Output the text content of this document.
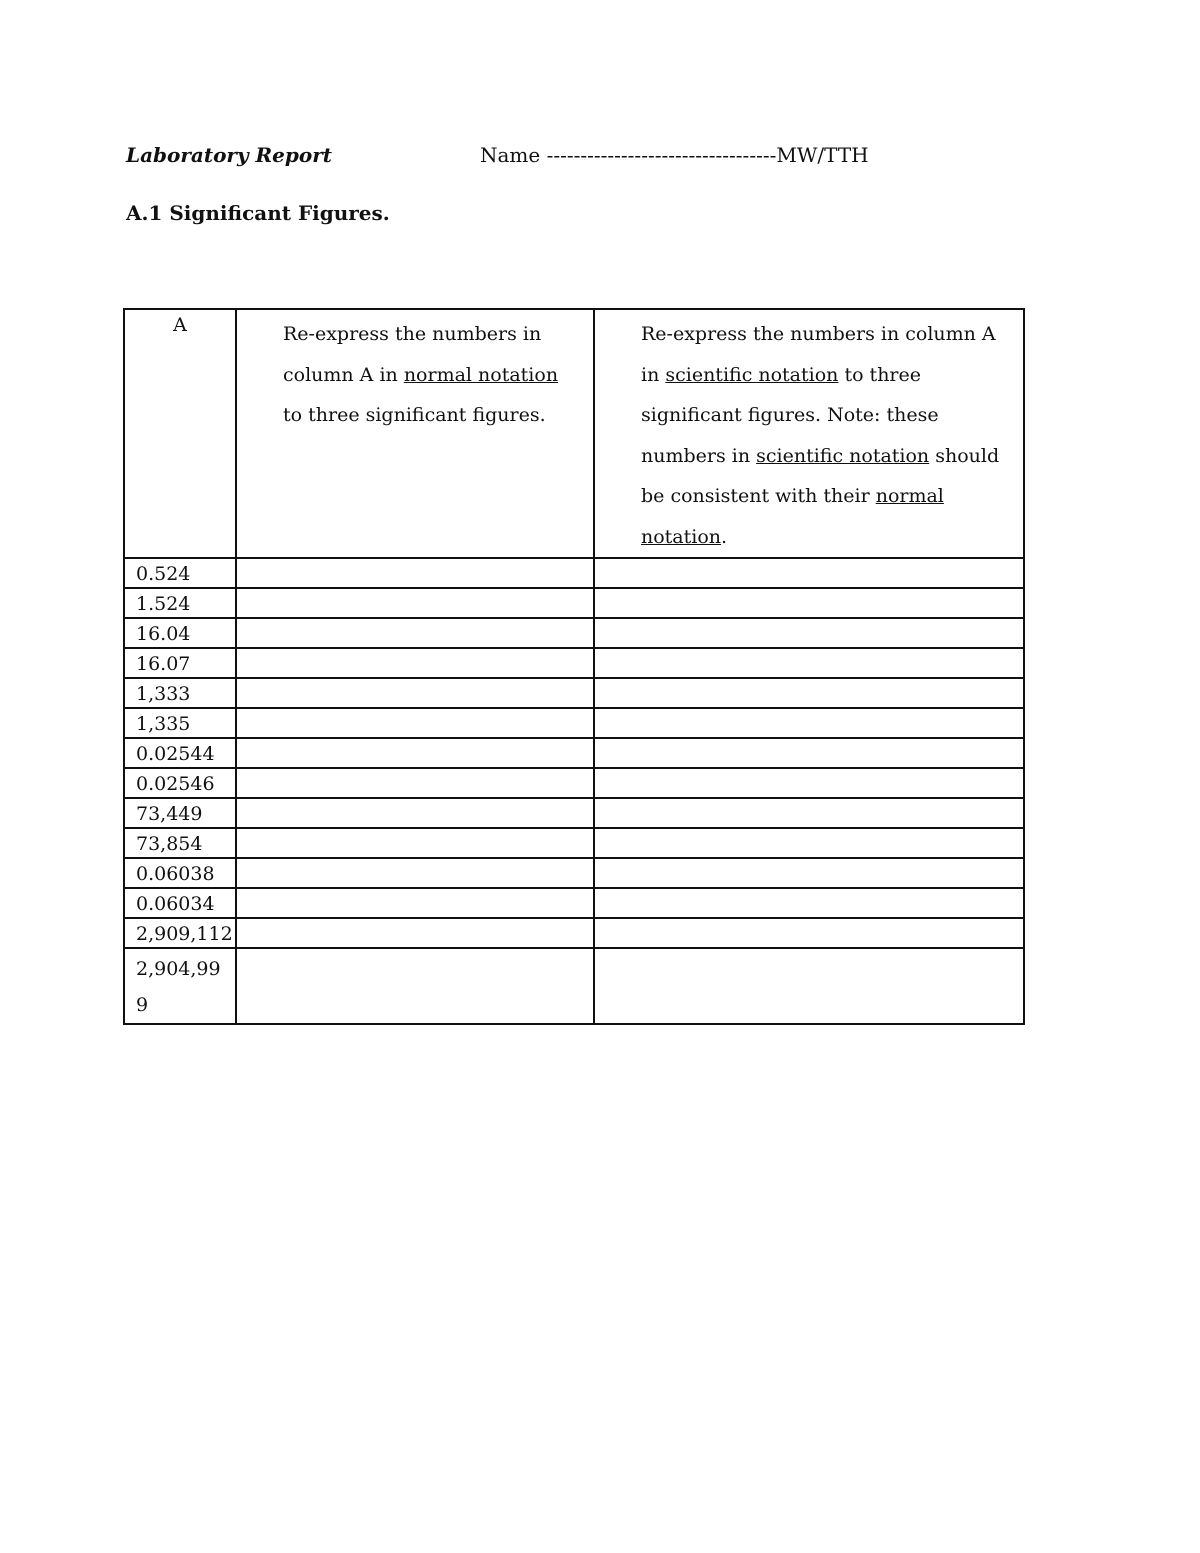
Laboratory Report	Name ----------------------------------MW/TTH
A.1 Significant Figures.
A	Re-express the numbers in column A in normal notation to three significant figures.	Re-express the numbers in column A in scientific notation to three significant figures. Note: these numbers in scientific notation should be consistent with their normal notation.
0.524		
1.524		
16.04		
16.07		
1,333		
1,335		
0.02544		
0.02546		
73,449		
73,854		
0.06038		
0.06034		
2,909,112		
2,904,999		
